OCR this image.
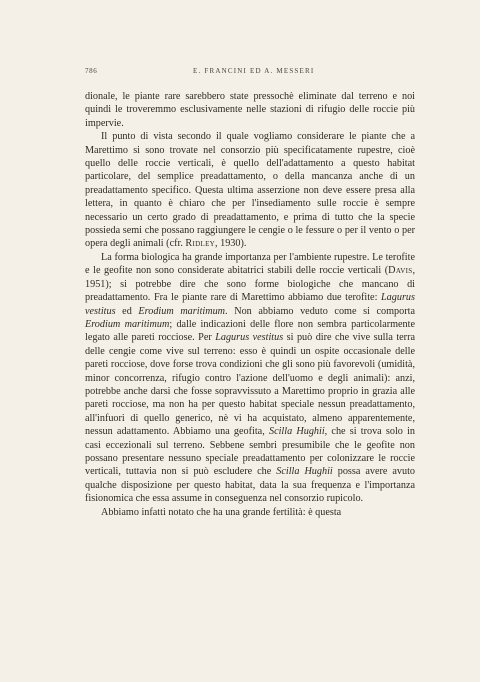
786	E. FRANCINI ED A. MESSERI

dionale, le piante rare sarebbero state pressochè eliminate dal terreno e noi quindi le troveremmo esclusivamente nelle stazioni di rifugio delle roccie più impervie.

Il punto di vista secondo il quale vogliamo considerare le piante che a Marettimo si sono trovate nel consorzio più specificatamente rupestre, cioè quello delle roccie verticali, è quello dell'adattamento a questo habitat particolare, del semplice preadattamento, o della mancanza anche di un preadattamento specifico. Questa ultima asserzione non deve essere presa alla lettera, in quanto è chiaro che per l'insediamento sulle roccie è sempre necessario un certo grado di preadattamento, e prima di tutto che la specie possieda semi che possano raggiungere le cengie o le fessure o per il vento o per opera degli animali (cfr. Ridley, 1930).

La forma biologica ha grande importanza per l'ambiente rupestre. Le terofite e le geofite non sono considerate abitatrici stabili delle roccie verticali (Davis, 1951); si potrebbe dire che sono forme biologiche che mancano di preadattamento. Fra le piante rare di Marettimo abbiamo due terofite: Lagurus vestitus ed Erodium maritimum. Non abbiamo veduto come si comporta Erodium maritimum; dalle indicazioni delle flore non sembra particolarmente legato alle pareti rocciose. Per Lagurus vestitus si può dire che vive sulla terra delle cengie come vive sul terreno: esso è quindi un ospite occasionale delle pareti rocciose, dove forse trova condizioni che gli sono più favorevoli (umidità, minor concorrenza, rifugio contro l'azione dell'uomo e degli animali): anzi, potrebbe anche darsi che fosse sopravvissuto a Marettimo proprio in grazia alle pareti rocciose, ma non ha per questo habitat speciale nessun preadattamento, all'infuori di quello generico, nè vi ha acquistato, almeno apparentemente, nessun adattamento. Abbiamo una geofita, Scilla Hughii, che si trova solo in casi eccezionali sul terreno. Sebbene sembri presumibile che le geofite non possano presentare nessuno speciale preadattamento per colonizzare le roccie verticali, tuttavia non si può escludere che Scilla Hughii possa avere avuto qualche disposizione per questo habitat, data la sua frequenza e l'importanza fisionomica che essa assume in conseguenza nel consorzio rupicolo.

Abbiamo infatti notato che ha una grande fertilità: è questa
